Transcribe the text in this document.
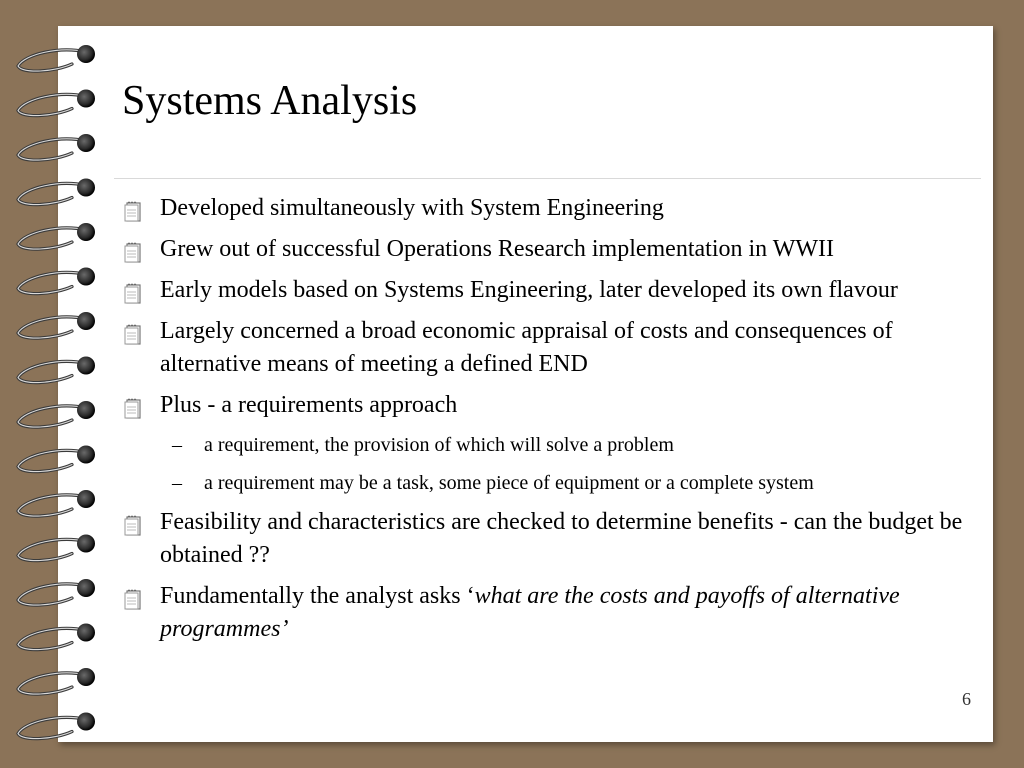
Systems Analysis
Developed simultaneously with System Engineering
Grew out of successful Operations Research implementation in WWII
Early models based on Systems Engineering, later developed its own flavour
Largely concerned a broad economic appraisal of costs and consequences of alternative means of meeting a defined END
Plus - a requirements approach
– a requirement, the provision of which will solve a problem
– a requirement may be a task, some piece of equipment or a complete system
Feasibility and characteristics are checked to determine benefits - can the budget be obtained ??
Fundamentally the analyst asks ‘what are the costs and payoffs of alternative programmes’
6
